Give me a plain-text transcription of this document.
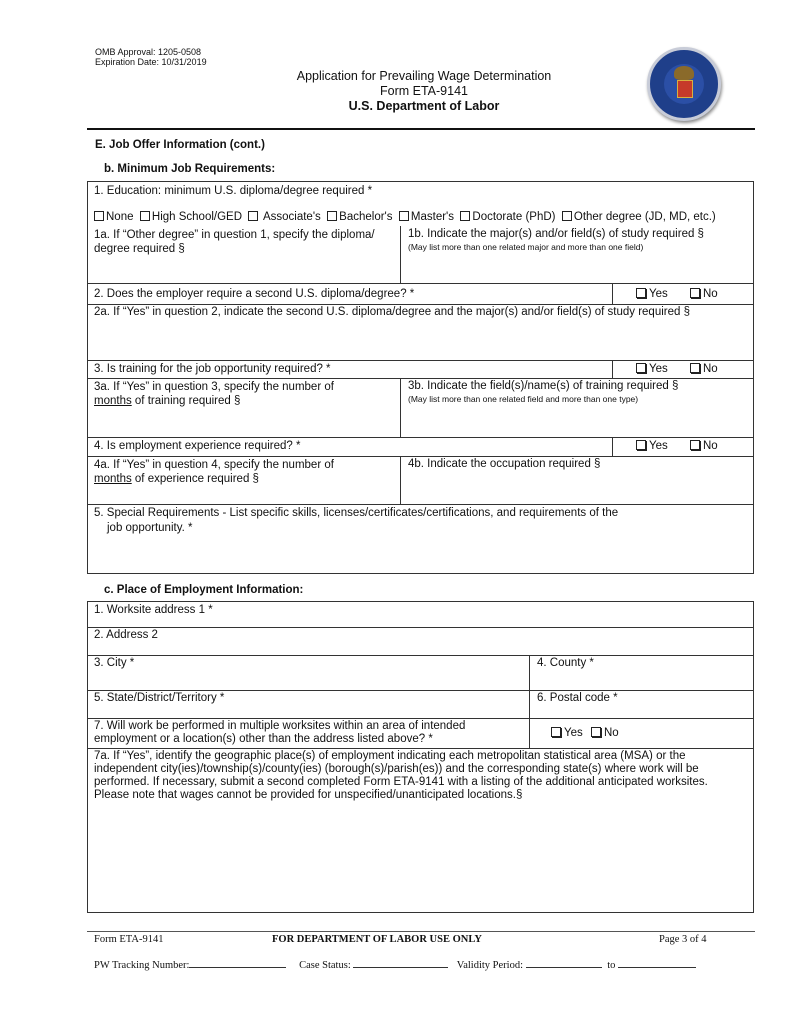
OMB Approval: 1205-0508
Expiration Date: 10/31/2019
Application for Prevailing Wage Determination
Form ETA-9141
U.S. Department of Labor
E. Job Offer Information (cont.)
b. Minimum Job Requirements:
1. Education: minimum U.S. diploma/degree required *
None High School/GED Associate's Bachelor's Master's Doctorate (PhD) Other degree (JD, MD, etc.)
1a. If “Other degree” in question 1, specify the diploma/ degree required §
1b. Indicate the major(s) and/or field(s) of study required §
(May list more than one related major and more than one field)
2. Does the employer require a second U.S. diploma/degree? *	Yes	No
2a. If “Yes” in question 2, indicate the second U.S. diploma/degree and the major(s) and/or field(s) of study required §
3. Is training for the job opportunity required? *	Yes	No
3a. If “Yes” in question 3, specify the number of
months of training required §
3b. Indicate the field(s)/name(s) of training required §
(May list more than one related field and more than one type)
4. Is employment experience required? *	Yes	No
4a. If “Yes” in question 4, specify the number of
months of experience required §
4b. Indicate the occupation required §
5. Special Requirements - List specific skills, licenses/certificates/certifications, and requirements of the
job opportunity. *
c. Place of Employment Information:
1. Worksite address 1 *
2. Address 2
3. City *	4. County *
5. State/District/Territory *	6. Postal code *
7. Will work be performed in multiple worksites within an area of intended employment or a location(s) other than the address listed above? *	Yes	No
7a. If “Yes”, identify the geographic place(s) of employment indicating each metropolitan statistical area (MSA) or the independent city(ies)/township(s)/county(ies) (borough(s)/parish(es)) and the corresponding state(s) where work will be performed. If necessary, submit a second completed Form ETA-9141 with a listing of the additional anticipated worksites. Please note that wages cannot be provided for unspecified/unanticipated locations.§
Form ETA-9141	FOR DEPARTMENT OF LABOR USE ONLY	Page 3 of 4
PW Tracking Number:	Case Status:	Validity Period:	to
